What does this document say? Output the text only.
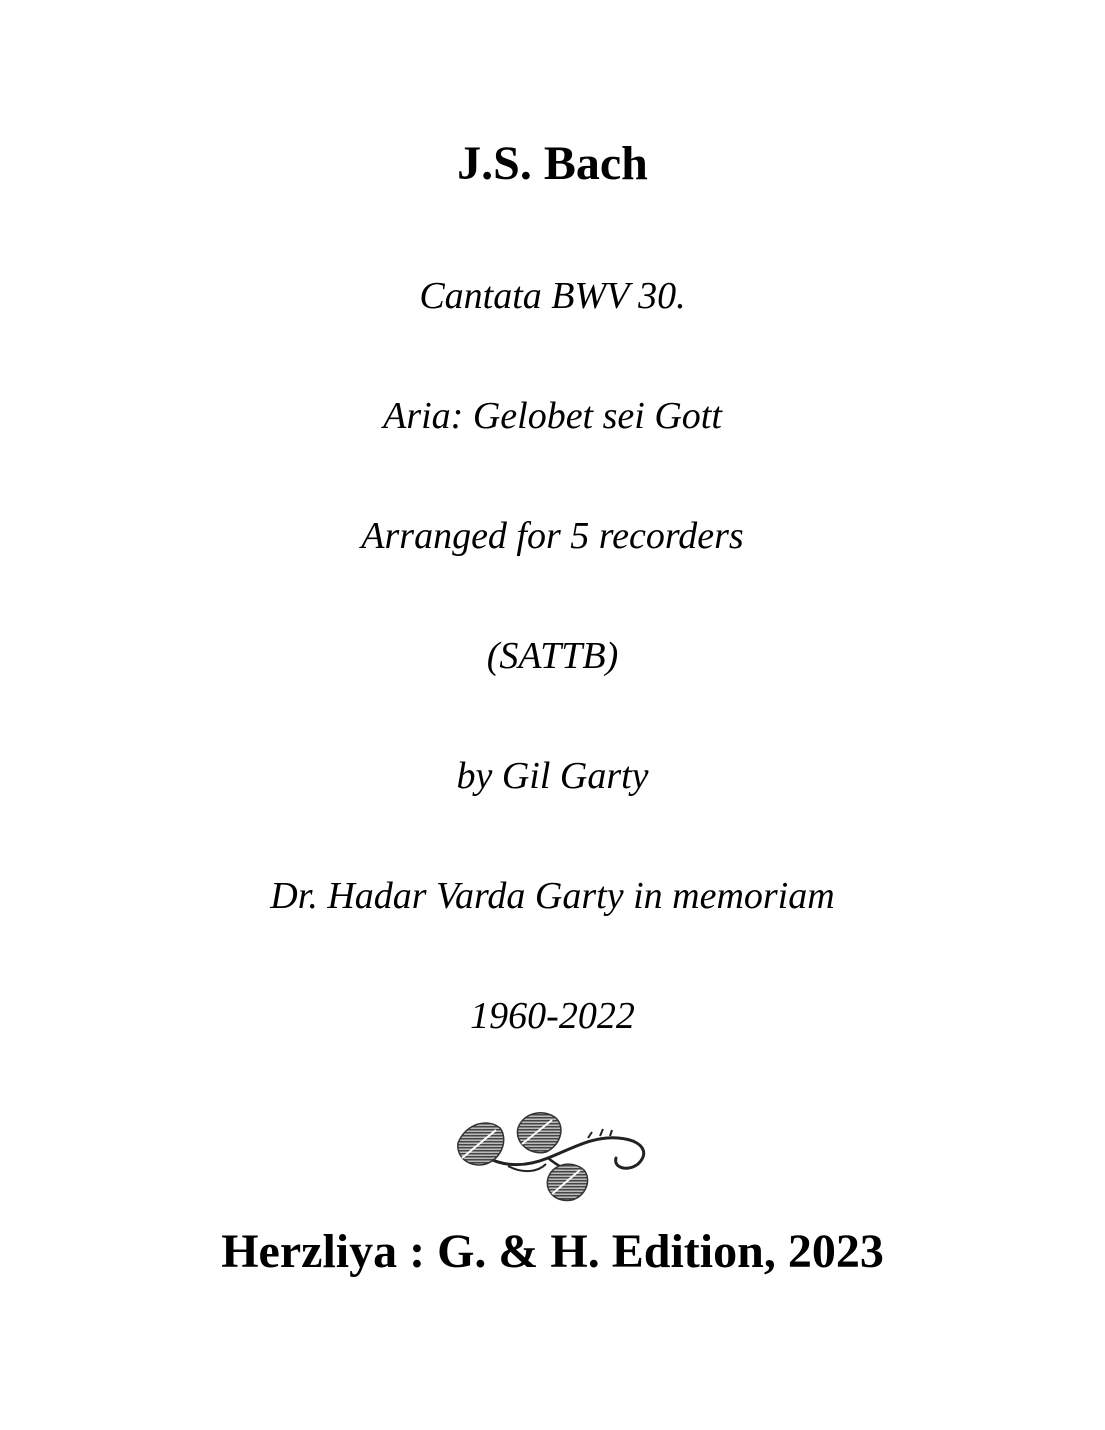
J.S. Bach
Cantata BWV 30.
Aria: Gelobet sei Gott
Arranged for 5 recorders
(SATTB)
by Gil Garty
Dr. Hadar Varda Garty in memoriam
1960-2022
Herzliya : G. & H. Edition, 2023
